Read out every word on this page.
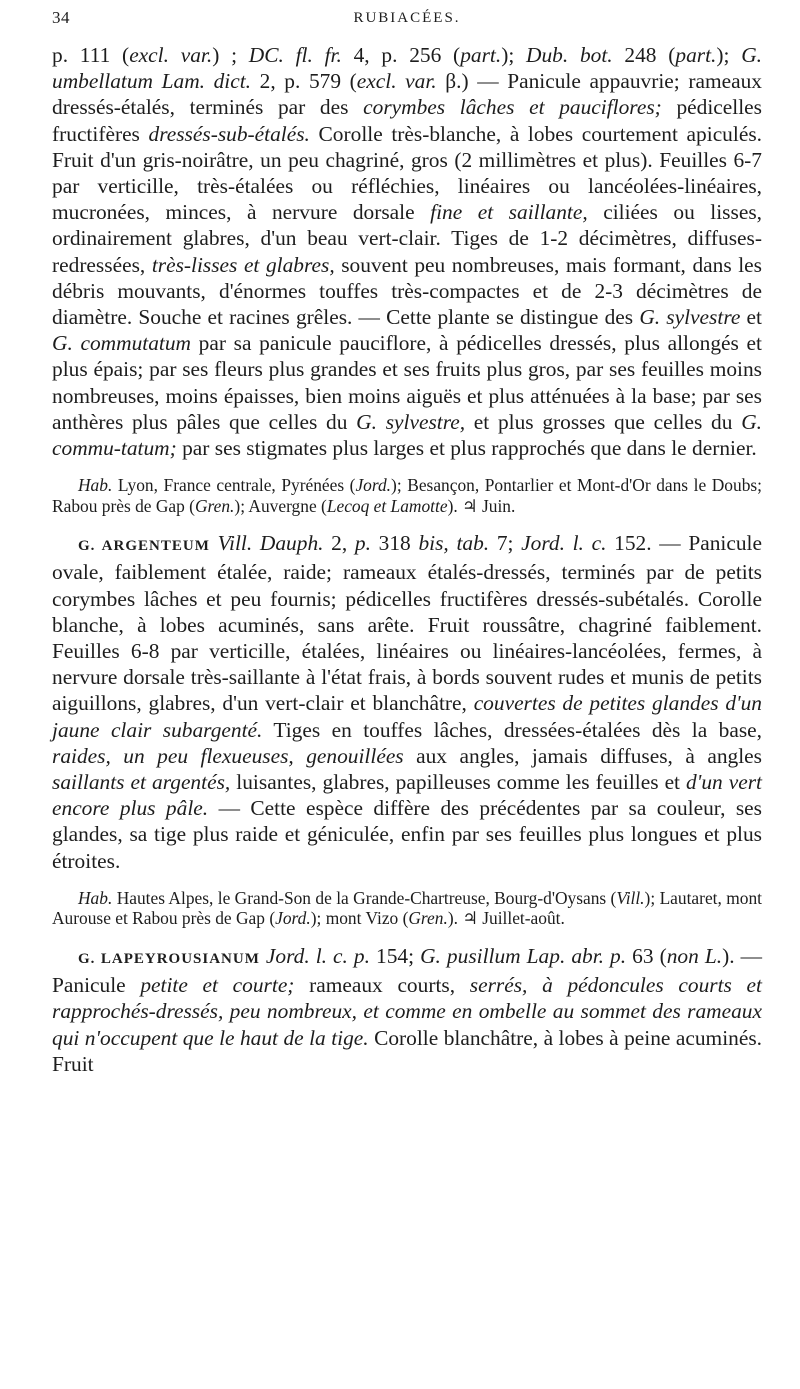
34	RUBIACÉES.

p. 111 (excl. var.) ; DC. fl. fr. 4, p. 256 (part.); Dub. bot. 248 (part.); G. umbellatum Lam. dict. 2, p. 579 (excl. var. β.) — Panicule appauvrie; rameaux dressés-étalés, terminés par des corymbes lâches et pauciflores; pédicelles fructifères dressés-sub-étalés. Corolle très-blanche, à lobes courtement apiculés. Fruit d'un gris-noirâtre, un peu chagriné, gros (2 millimètres et plus). Feuilles 6-7 par verticille, très-étalées ou réfléchies, linéaires ou lancéolées-linéaires, mucronées, minces, à nervure dorsale fine et saillante, ciliées ou lisses, ordinairement glabres, d'un beau vert-clair. Tiges de 1-2 décimètres, diffuses-redressées, très-lisses et glabres, souvent peu nombreuses, mais formant, dans les débris mouvants, d'énormes touffes très-compactes et de 2-3 décimètres de diamètre. Souche et racines grêles. — Cette plante se distingue des G. sylvestre et G. commutatum par sa panicule pauciflore, à pédicelles dressés, plus allongés et plus épais; par ses fleurs plus grandes et ses fruits plus gros, par ses feuilles moins nombreuses, moins épaisses, bien moins aiguës et plus atténuées à la base; par ses anthères plus pâles que celles du G. sylvestre, et plus grosses que celles du G. commu-tatum; par ses stigmates plus larges et plus rapprochés que dans le dernier.

Hab. Lyon, France centrale, Pyrénées (Jord.); Besançon, Pontarlier et Mont-d'Or dans le Doubs; Rabou près de Gap (Gren.); Auvergne (Lecoq et Lamotte). ♃ Juin.

G. ARGENTEUM Vill. Dauph. 2, p. 318 bis, tab. 7; Jord. l. c. 152. — Panicule ovale, faiblement étalée, raide; rameaux étalés-dressés, terminés par de petits corymbes lâches et peu fournis; pédicelles fructifères dressés-subétalés. Corolle blanche, à lobes acuminés, sans arête. Fruit roussâtre, chagriné faiblement. Feuilles 6-8 par verticille, étalées, linéaires ou linéaires-lancéolées, fermes, à nervure dorsale très-saillante à l'état frais, à bords souvent rudes et munis de petits aiguillons, glabres, d'un vert-clair et blanchâtre, couvertes de petites glandes d'un jaune clair subargenté. Tiges en touffes lâches, dressées-étalées dès la base, raides, un peu flexueuses, genouillées aux angles, jamais diffuses, à angles saillants et argentés, luisantes, glabres, papilleuses comme les feuilles et d'un vert encore plus pâle. — Cette espèce diffère des précédentes par sa couleur, ses glandes, sa tige plus raide et géniculée, enfin par ses feuilles plus longues et plus étroites.

Hab. Hautes Alpes, le Grand-Son de la Grande-Chartreuse, Bourg-d'Oysans (Vill.); Lautaret, mont Aurouse et Rabou près de Gap (Jord.); mont Vizo (Gren.). ♃ Juillet-août.

G. LAPEYROUSIANUM Jord. l. c. p. 154; G. pusillum Lap. abr. p. 63 (non L.). — Panicule petite et courte; rameaux courts, serrés, à pédoncules courts et rapprochés-dressés, peu nombreux, et comme en ombelle au sommet des rameaux qui n'occupent que le haut de la tige. Corolle blanchâtre, à lobes à peine acuminés. Fruit
